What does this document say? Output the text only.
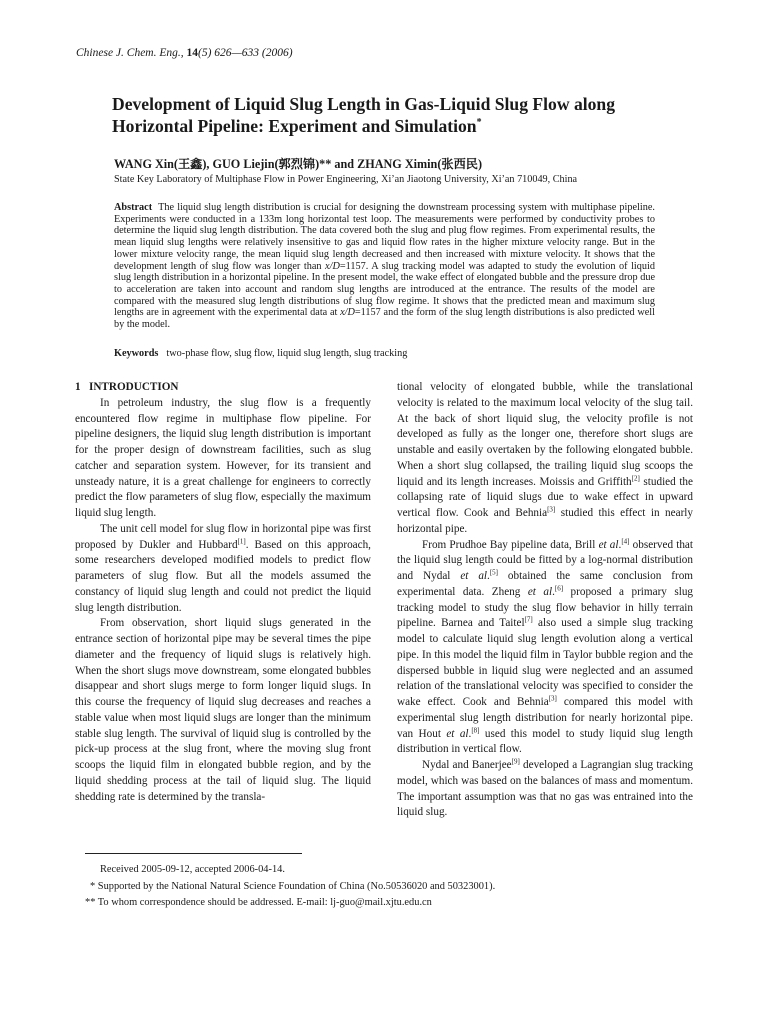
Chinese J. Chem. Eng., 14(5) 626—633 (2006)
Development of Liquid Slug Length in Gas-Liquid Slug Flow along
Horizontal Pipeline: Experiment and Simulation*
WANG Xin(王鑫), GUO Liejin(郭烈锦)** and ZHANG Ximin(张西民)
State Key Laboratory of Multiphase Flow in Power Engineering, Xi’an Jiaotong University, Xi’an 710049, China
Abstract The liquid slug length distribution is crucial for designing the downstream processing system with multiphase pipeline. Experiments were conducted in a 133m long horizontal test loop. The measurements were performed by conductivity probes to determine the liquid slug length distribution. The data covered both the slug and plug flow regimes. From experimental results, the mean liquid slug lengths were relatively insensitive to gas and liquid flow rates in the higher mixture velocity range. But in the lower mixture velocity range, the mean liquid slug length decreased and then increased with mixture velocity. It shows that the development length of slug flow was longer than x/D=1157. A slug tracking model was adapted to study the evolution of liquid slug length distribution in a horizontal pipeline. In the present model, the wake effect of elongated bubble and the pressure drop due to acceleration are taken into account and random slug lengths are introduced at the entrance. The results of the model are compared with the measured slug length distributions of slug flow regime. It shows that the predicted mean and maximum slug lengths are in agreement with the experimental data at x/D=1157 and the form of the slug length distributions is also predicted well by the model.
Keywords two-phase flow, slug flow, liquid slug length, slug tracking

1   INTRODUCTION

In petroleum industry, the slug flow is a frequently encountered flow regime in multiphase flow pipeline. For pipeline designers, the liquid slug length distribution is important for the proper design of downstream facilities, such as slug catcher and separation system. However, for its transient and unsteady nature, it is a great challenge for engineers to correctly predict the flow parameters of slug flow, especially the maximum liquid slug length.

The unit cell model for slug flow in horizontal pipe was first proposed by Dukler and Hubbard[1]. Based on this approach, some researchers developed modified models to predict flow parameters of slug flow. But all the models assumed the constancy of liquid slug length and could not predict the liquid slug length distribution.

From observation, short liquid slugs generated in the entrance section of horizontal pipe may be several times the pipe diameter and the frequency of liquid slugs is relatively high. When the short slugs move downstream, some elongated bubbles disappear and short slugs merge to form longer liquid slugs. In this course the frequency of liquid slug decreases and reaches a stable value when most liquid slugs are longer than the minimum stable slug length. The survival of liquid slug is controlled by the pick-up process at the slug front, where the moving slug front scoops the liquid film in elongated bubble region, and by the liquid shedding process at the tail of liquid slug. The liquid shedding rate is determined by the transla-

tional velocity of elongated bubble, while the translational velocity is related to the maximum local velocity of the slug tail. At the back of short liquid slug, the velocity profile is not developed as fully as the longer one, therefore short slugs are unstable and easily overtaken by the following elongated bubble. When a short slug collapsed, the trailing liquid slug scoops the liquid and its length increases. Moissis and Griffith[2] studied the collapsing rate of liquid slugs due to wake effect in upward vertical flow. Cook and Behnia[3] studied this effect in nearly horizontal pipe.

From Prudhoe Bay pipeline data, Brill et al.[4] observed that the liquid slug length could be fitted by a log-normal distribution and Nydal et al.[5] obtained the same conclusion from experimental data. Zheng et al.[6] proposed a primary slug tracking model to study the slug flow behavior in hilly terrain pipeline. Barnea and Taitel[7] also used a simple slug tracking model to calculate liquid slug length evolution along a vertical pipe. In this model the liquid film in Taylor bubble region and the dispersed bubble in liquid slug were neglected and an assumed relation of the translational velocity was specified to consider the wake effect. Cook and Behnia[3] compared this model with experimental slug length distribution for nearly horizontal pipe. van Hout et al.[8] used this model to study liquid slug length distribution in vertical flow.

Nydal and Banerjee[9] developed a Lagrangian slug tracking model, which was based on the balances of mass and momentum. The important assumption was that no gas was entrained into the liquid slug.

Received 2005-09-12, accepted 2006-04-14.
* Supported by the National Natural Science Foundation of China (No.50536020 and 50323001).
** To whom correspondence should be addressed. E-mail: lj-guo@mail.xjtu.edu.cn
